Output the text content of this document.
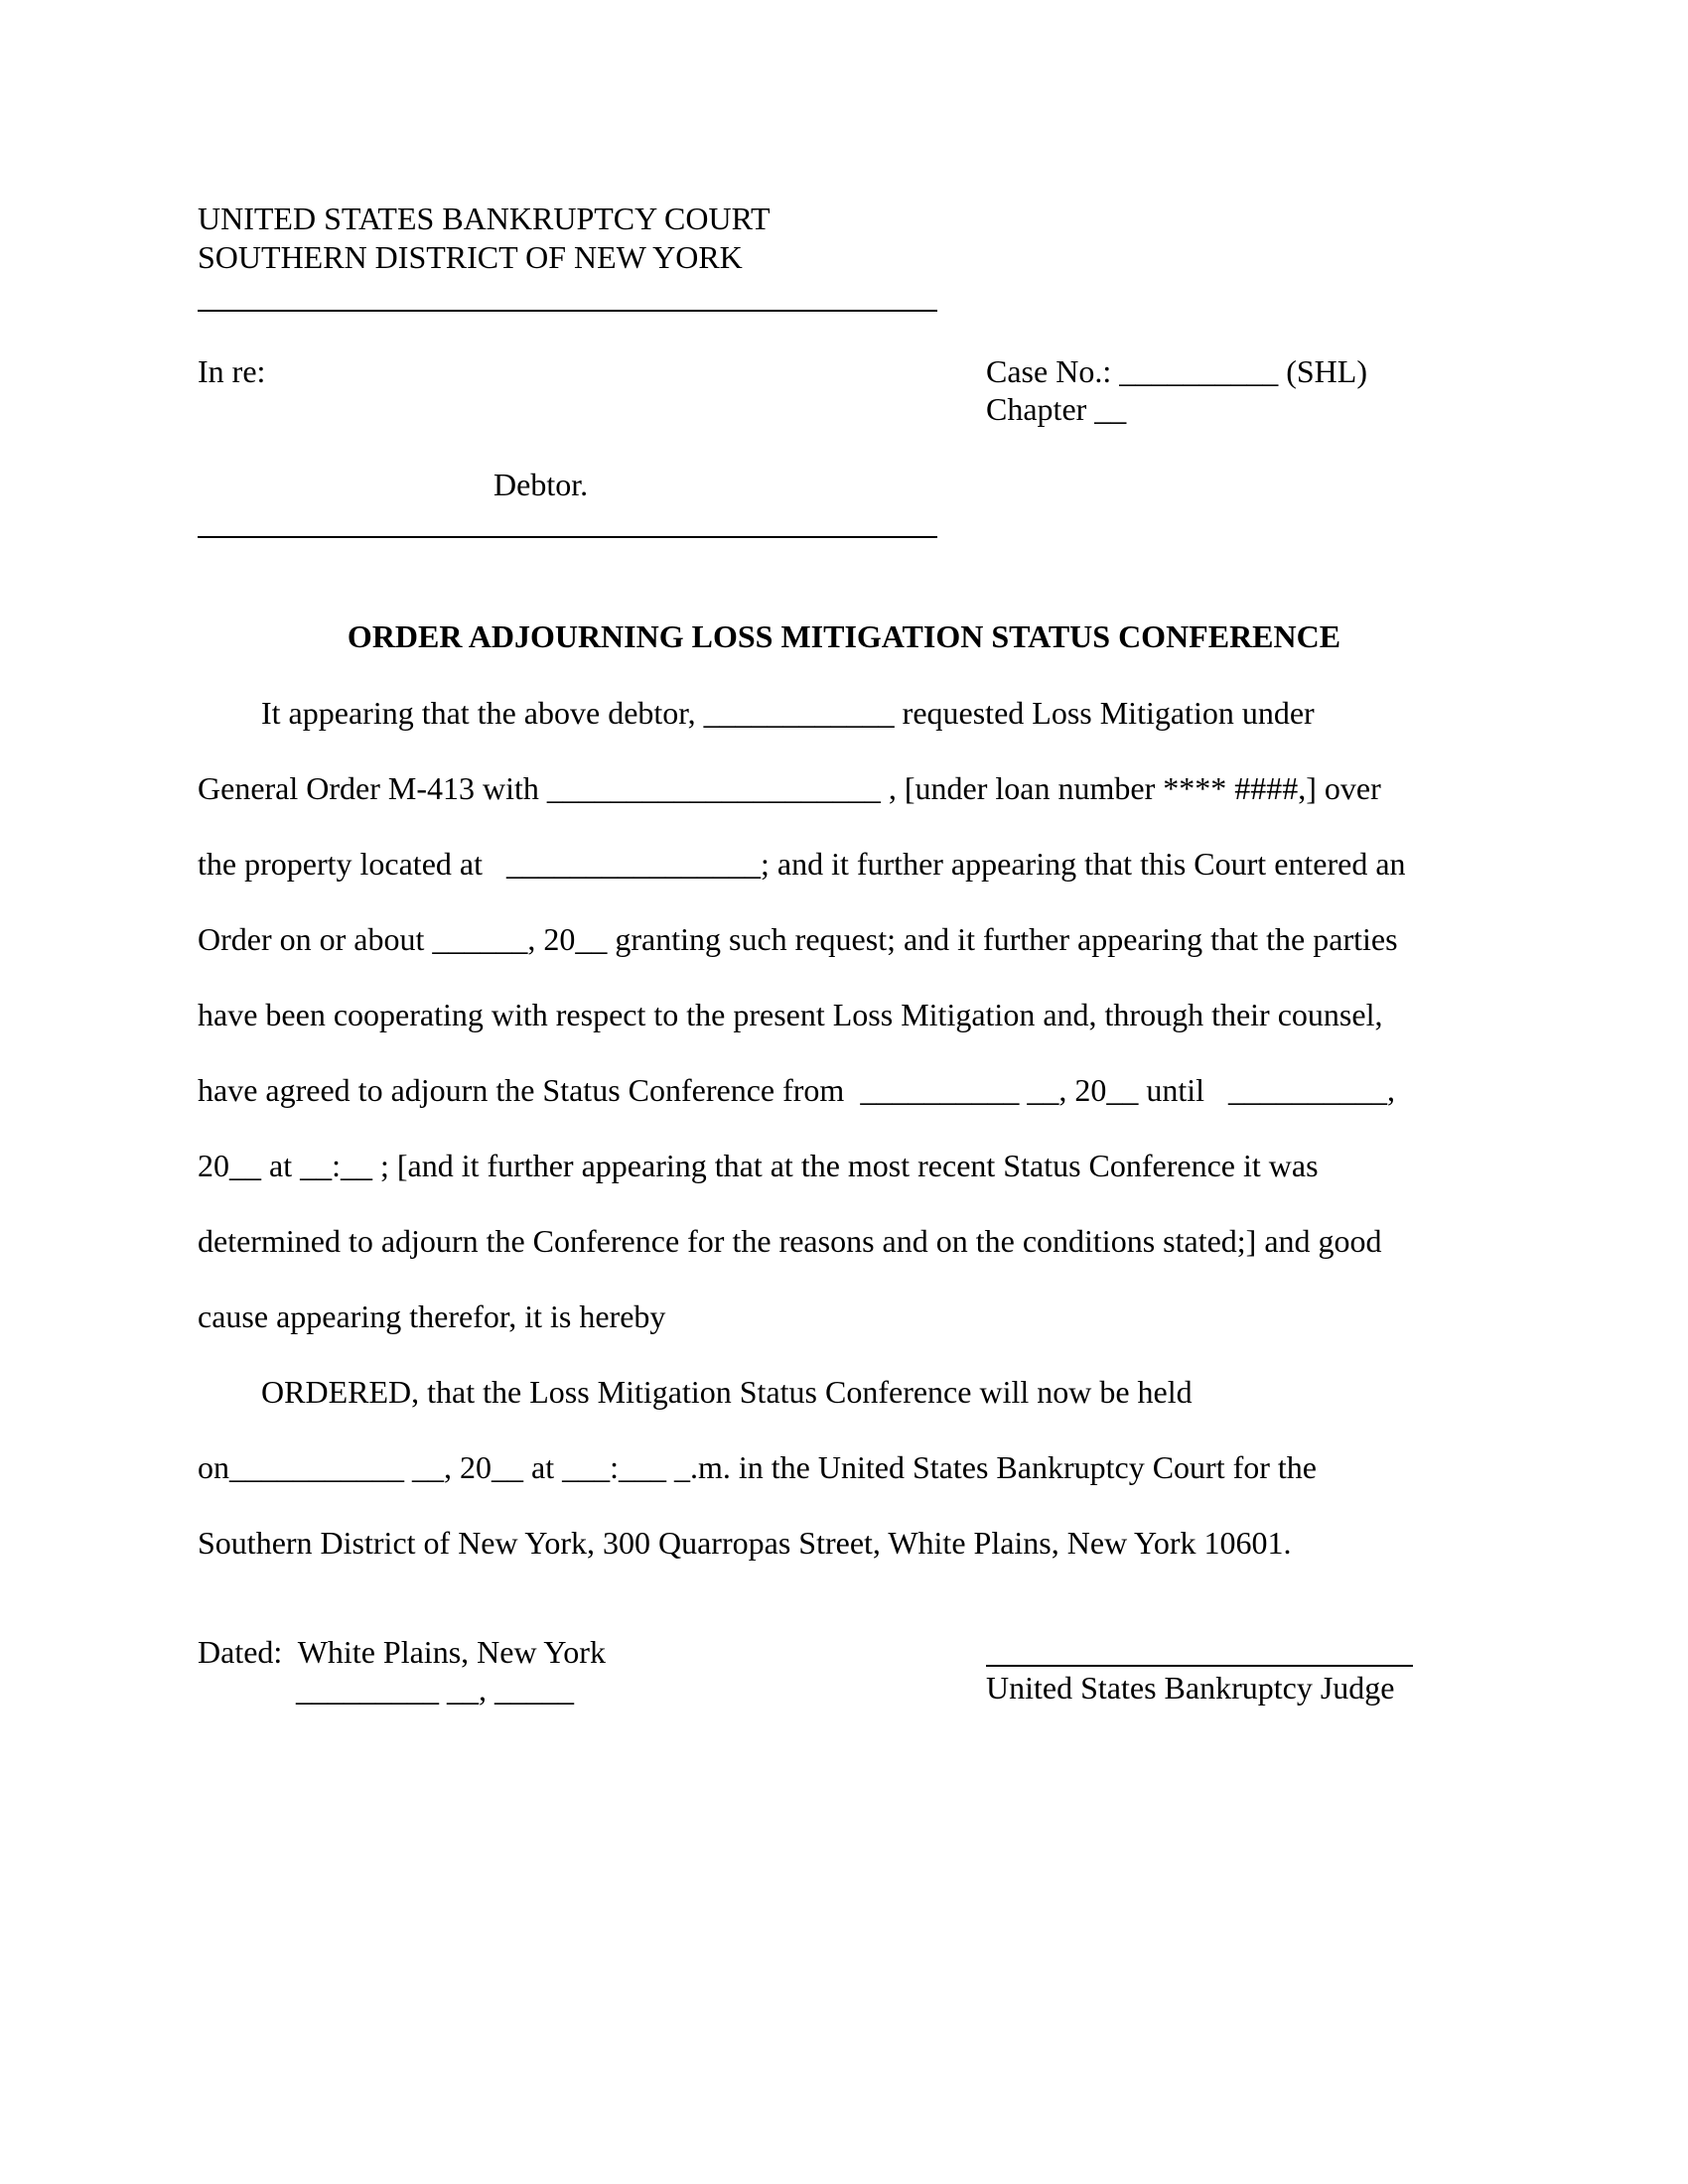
UNITED STATES BANKRUPTCY COURT
SOUTHERN DISTRICT OF NEW YORK
In re:	Case No.: __________ (SHL)
Chapter __
Debtor.
ORDER ADJOURNING LOSS MITIGATION STATUS CONFERENCE
It appearing that the above debtor, ____________ requested Loss Mitigation under
General Order M-413 with _____________________ , [under loan number **** ####,] over
the property located at   ________________; and it further appearing that this Court entered an
Order on or about ______, 20__ granting such request; and it further appearing that the parties
have been cooperating with respect to the present Loss Mitigation and, through their counsel,
have agreed to adjourn the Status Conference from  __________ __, 20__ until   __________,
20__ at __:__ ; [and it further appearing that at the most recent Status Conference it was
determined to adjourn the Conference for the reasons and on the conditions stated;] and good
cause appearing therefor, it is hereby
ORDERED, that the Loss Mitigation Status Conference will now be held
on___________ __, 20__ at ___:___ _.m. in the United States Bankruptcy Court for the
Southern District of New York, 300 Quarropas Street, White Plains, New York 10601.
Dated:  White Plains, New York
_________ __, _____	United States Bankruptcy Judge
